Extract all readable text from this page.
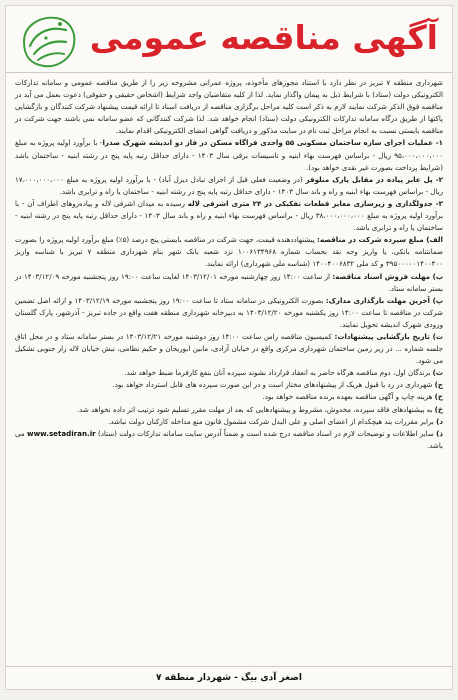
آگهی مناقصه عمومی

شهرداری منطقه ۷ تبریز در نظر دارد با استناد مجوزهای مأخوذه، پروژه عمرانی مشروحه زیر را از طریق مناقصه عمومی و سامانه تدارکات الکترونیکی دولت (ستاد) با شرایط ذیل به پیمان واگذار نماید. لذا از کلیه متقاضیان واجد شرایط (اشخاص حقیقی و حقوقی) دعوت بعمل می آید در مناقصه فوق الذکر شرکت نمایند لازم به ذکر است کلیه مراحل برگزاری مناقصه از دریافت اسناد تا ارائه قیمت پیشنهاد شرکت کنندگان و بازگشایی پاکتها از طریق درگاه سامانه تدارکات الکترونیکی دولت (ستاد) انجام خواهد شد. لذا شرکت کنندگانی که عضو سامانه نمی باشند جهت شرکت در مناقصه بایستی نسبت به انجام مراحل ثبت نام در سایت مذکور و دریافت گواهی امضای الکترونیکی اقدام نمایند.

۱- عملیات اجرای سازه ساختمان مسکونی ۵۵ واحدی فراگاه مسکن در فاز دو اندیشه شهرک صدرا- با برآورد اولیه پروژه به مبلغ ۹۵،۰۰۰،۰۰۰،۰۰۰ ریال - براساس فهرست بهاء ابنیه و تاسیسات برقی سال ۱۴۰۳ - دارای حداقل رتبه پایه پنج در رشته ابنیه - ساختمان باشد (شرایط پرداخت بصورت غیر نقدی خواهد بود).

۲- پل عابر پیاده در مقابل پارک منلوفر (در وضعیت فعلی قبل از اجرای تبادل دیزل آباد) - با برآورد اولیه پروژه به مبلغ ۱۷،۰۰۰،۰۰۰،۰۰۰ ریال - براساس فهرست بهاء ابنیه و راه و باند سال ۱۴۰۳ - دارای حداقل رتبه پایه پنج در رشته ابنیه - ساختمان یا راه و ترابری باشد.

۳- جدولگذاری و زیرسازی معابر قطعات تفکیکی در ۲۴ متری اشرفی لاله رسیده به میدان اشرفی لاله و پیاده‌روهای اطراف آن - با برآورد اولیه پروژه به مبلغ ۳۸،۰۰۰،۰۰۰،۰۰۰ ریال - براساس فهرست بهاء ابنیه و راه و باند سال ۱۴۰۳ - دارای حداقل رتبه پایه پنج در رشته ابنیه - ساختمان یا راه و ترابری باشد.

الف) مبلغ سپرده شرکت در مناقصه: پیشنهاددهنده قیمت، جهت شرکت در مناقصه بایستی پنج درصد (۵٪) مبلغ برآورد اولیه پروژه را بصورت ضمانتنامه بانکی، یا واریز وجه نقد بحساب شماره ۱۰۰۶۱۳۴۹۶۸ نزد شعبه بانک شهر بنام شهرداری منطقه ۷ تبریز با شناسه واریز ۳۹۵۰۰۰۰۰۱۴۰۰۴۰۰ و کد ملی ۱۴۰۰۴۰۰۶۸۳۲ (شناسه ملی شهرداری) ارائه نمایند.

ب) مهلت فروش اسناد مناقصه: از ساعت ۱۴:۰۰ روز چهارشنبه مورخه ۱۴۰۳/۱۲/۰۱ لغایت ساعت ۱۹:۰۰ روز پنجشنبه مورخه ۱۴۰۳/۱۲/۰۹ در بستر سامانه ستاد.

پ) آخرین مهلت بارگذاری مدارک: بصورت الکترونیکی در سامانه ستاد تا ساعت ۱۹:۰۰ روز پنجشنبه مورخه ۱۴۰۳/۱۲/۱۹ و ارائه اصل تضمین شرکت در مناقصه تا ساعت ۱۴:۰۰ روز یکشنبه مورخه ۱۴۰۳/۱۲/۲۰ به دبیرخانه شهرداری منطقه هفت واقع در جاده تبریز - آذرشهر، پارک گلستان ورودی شهرک اندیشه تحویل نمایند.

ت) تاریخ بازگشایی پیشنهادات: کمیسیون مناقصه راس ساعت ۱۴:۰۰ روز دوشنبه مورخه ۱۴۰۳/۱۲/۲۱ در بستر سامانه ستاد و در محل اتاق جلسه شماره ... در زیر زمین ساختمان شهرداری مرکزی واقع در خیابان آزادی، مابین ابوریحان و حکیم نظامی، نبش خیابان لاله زار جنوبی تشکیل می شود.

ث) برندگان اول، دوم مناقصه هرگاه حاضر به انعقاد قرارداد نشوند سپرده آنان بنفع کارفرما ضبط خواهد شد.

ج) شهرداری در رد یا قبول هریک از پیشنهادهای مختار است و در این صورت سپرده های قابل استرداد خواهد بود.

ح) هزینه چاپ و آگهی مناقصه بعهده برنده مناقصه خواهد بود.

خ) به پیشنهادهای فاقد سپرده، مخدوش، مشروط و پیشنهادهایی که بعد از مهلت مقرر تسلیم شود ترتیب اثر داده نخواهد شد.

د) برابر مقررات بند هیچکدام از اعضای اصلی و علی البدل شرکت مشمول قانون منع مداخله کارکنان دولت نباشد.

ذ) سایر اطلاعات و توضیحات لازم در اسناد مناقصه درج شده است و ضمناً آدرس سایت سامانه تدارکات دولت (ستاد) www.setadiran.ir می باشد.

اصغر آدی بیگ - شهردار منطقه ۷
